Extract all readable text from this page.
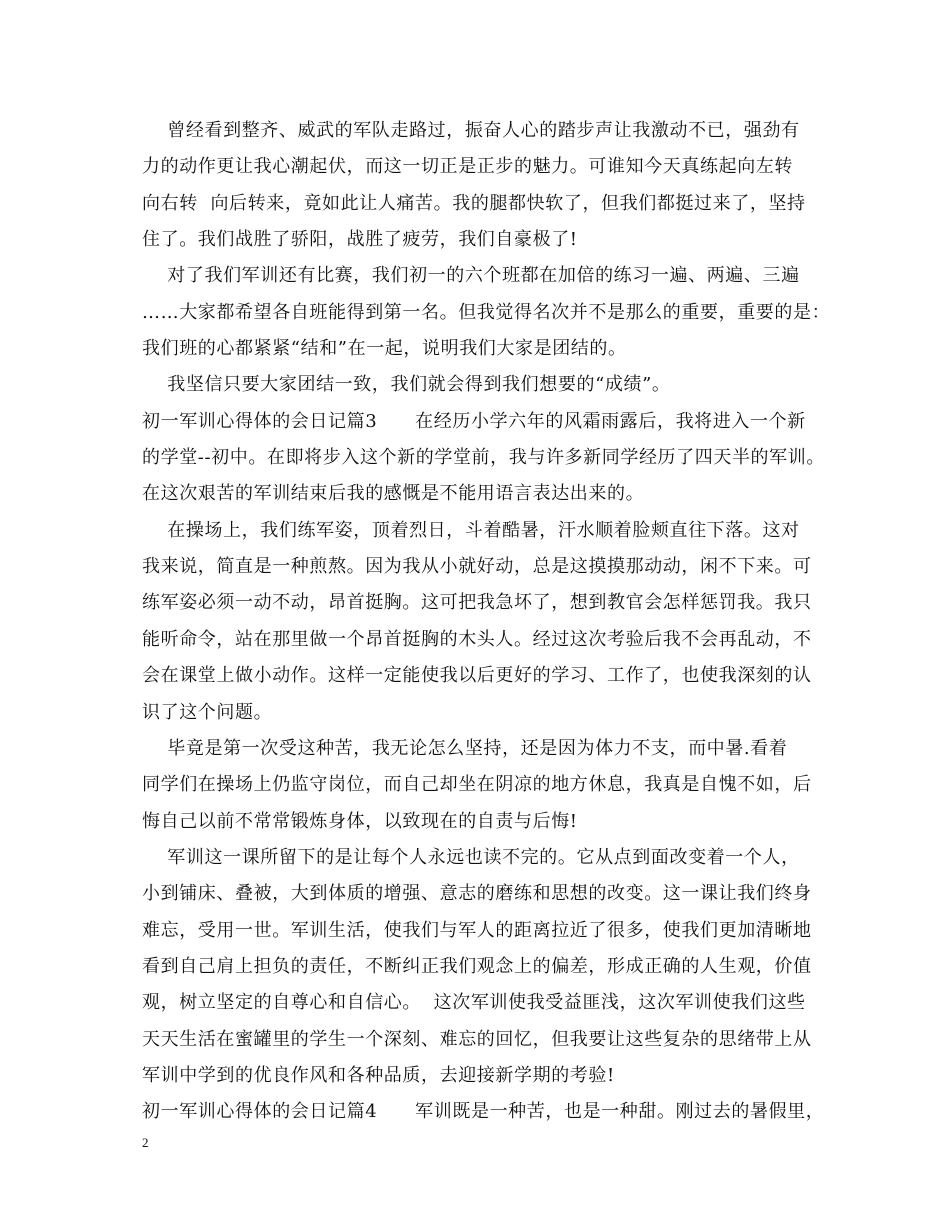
曾经看到整齐、威武的军队走路过，振奋人心的踏步声让我激动不已，强劲有
力的动作更让我心潮起伏，而这一切正是正步的魅力。可谁知今天真练起向左转
向右转  向后转来，竟如此让人痛苦。我的腿都快软了，但我们都挺过来了，坚持
住了。我们战胜了骄阳，战胜了疲劳，我们自豪极了!
对了我们军训还有比赛，我们初一的六个班都在加倍的练习一遍、两遍、三遍
……大家都希望各自班能得到第一名。但我觉得名次并不是那么的重要，重要的是：
我们班的心都紧紧“结和”在一起，说明我们大家是团结的。
我坚信只要大家团结一致，我们就会得到我们想要的“成绩”。
初一军训心得体的会日记篇3      在经历小学六年的风霜雨露后，我将进入一个新
的学堂--初中。在即将步入这个新的学堂前，我与许多新同学经历了四天半的军训。
在这次艰苦的军训结束后我的感慨是不能用语言表达出来的。
在操场上，我们练军姿，顶着烈日，斗着酷暑，汗水顺着脸颊直往下落。这对
我来说，简直是一种煎熬。因为我从小就好动，总是这摸摸那动动，闲不下来。可
练军姿必须一动不动，昂首挺胸。这可把我急坏了，想到教官会怎样惩罚我。我只
能听命令，站在那里做一个昂首挺胸的木头人。经过这次考验后我不会再乱动，不
会在课堂上做小动作。这样一定能使我以后更好的学习、工作了，也使我深刻的认
识了这个问题。
毕竟是第一次受这种苦，我无论怎么坚持，还是因为体力不支，而中暑.看着
同学们在操场上仍监守岗位，而自己却坐在阴凉的地方休息，我真是自愧不如，后
悔自己以前不常常锻炼身体，以致现在的自责与后悔!
军训这一课所留下的是让每个人永远也读不完的。它从点到面改变着一个人，
小到铺床、叠被，大到体质的增强、意志的磨练和思想的改变。这一课让我们终身
难忘，受用一世。军训生活，使我们与军人的距离拉近了很多，使我们更加清晰地
看到自己肩上担负的责任，不断纠正我们观念上的偏差，形成正确的人生观，价值
观，树立坚定的自尊心和自信心。  这次军训使我受益匪浅，这次军训使我们这些
天天生活在蜜罐里的学生一个深刻、难忘的回忆，但我要让这些复杂的思绪带上从
军训中学到的优良作风和各种品质，去迎接新学期的考验!
初一军训心得体的会日记篇4      军训既是一种苦，也是一种甜。刚过去的暑假里，
2
